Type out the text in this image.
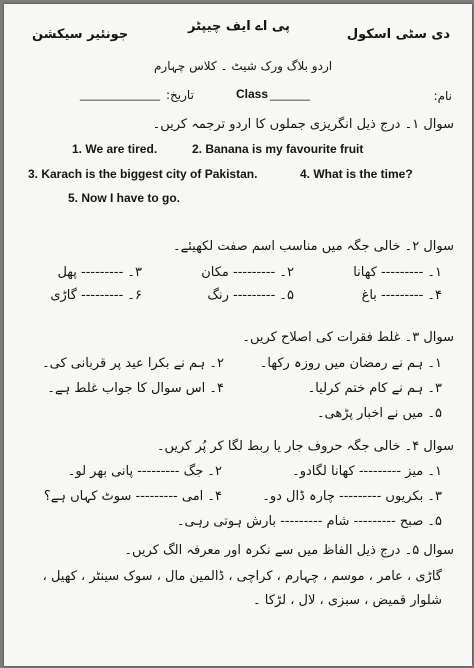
دی سٹی اسکول
پی اے ایف چیپٹر
جونئیر سیکشن
اردو بلاگ ورک شیٹ ۔ کلاس چہارم
نام:
Class ______
تاریخ:
____________
سوال ۱۔ درج ذیل انگریزی جملوں کا اردو ترجمہ کریں۔
1. We are tired.	2. Banana is my favourite fruit
3. Karach is the biggest city of Pakistan.	4. What is the time?
5. Now I have to go.
سوال ۲۔ خالی جگہ میں مناسب اسم صفت لکھیئے۔
۱۔ --------- کھانا
۲۔ --------- مکان
۳۔ --------- پھل
۴۔ --------- باغ
۵۔ --------- رنگ
۶۔ --------- گاڑی
سوال ۳۔ غلط فقرات کی اصلاح کریں۔
۱۔ ہم نے رمضان میں روزہ رکھا۔
۲۔ ہم نے بکرا عید پر قربانی کی۔
۳۔ ہم نے کام ختم کرلیا۔
۴۔ اس سوال کا جواب غلط ہے۔
۵۔ میں نے اخبار پڑھی۔
سوال ۴۔ خالی جگہ حروف جار یا ربط لگا کر پُر کریں۔
۱۔ میز --------- کھانا لگادو۔
۲۔ جگ --------- پانی بھر لو۔
۳۔ بکریوں --------- چارہ ڈال دو۔
۴۔ امی --------- سوٹ کہاں ہے؟
۵۔ صبح --------- شام --------- بارش ہوتی رہی۔
سوال ۵۔ درج ذیل الفاظ میں سے نکرہ اور معرفہ الگ کریں۔
گاڑی ، عامر ، موسم ، چہارم ، کراچی ، ڈالمین مال ، سوک سینٹر ، کھیل ،
شلوار قمیض ، سبزی ، لال ، لڑکا ۔
